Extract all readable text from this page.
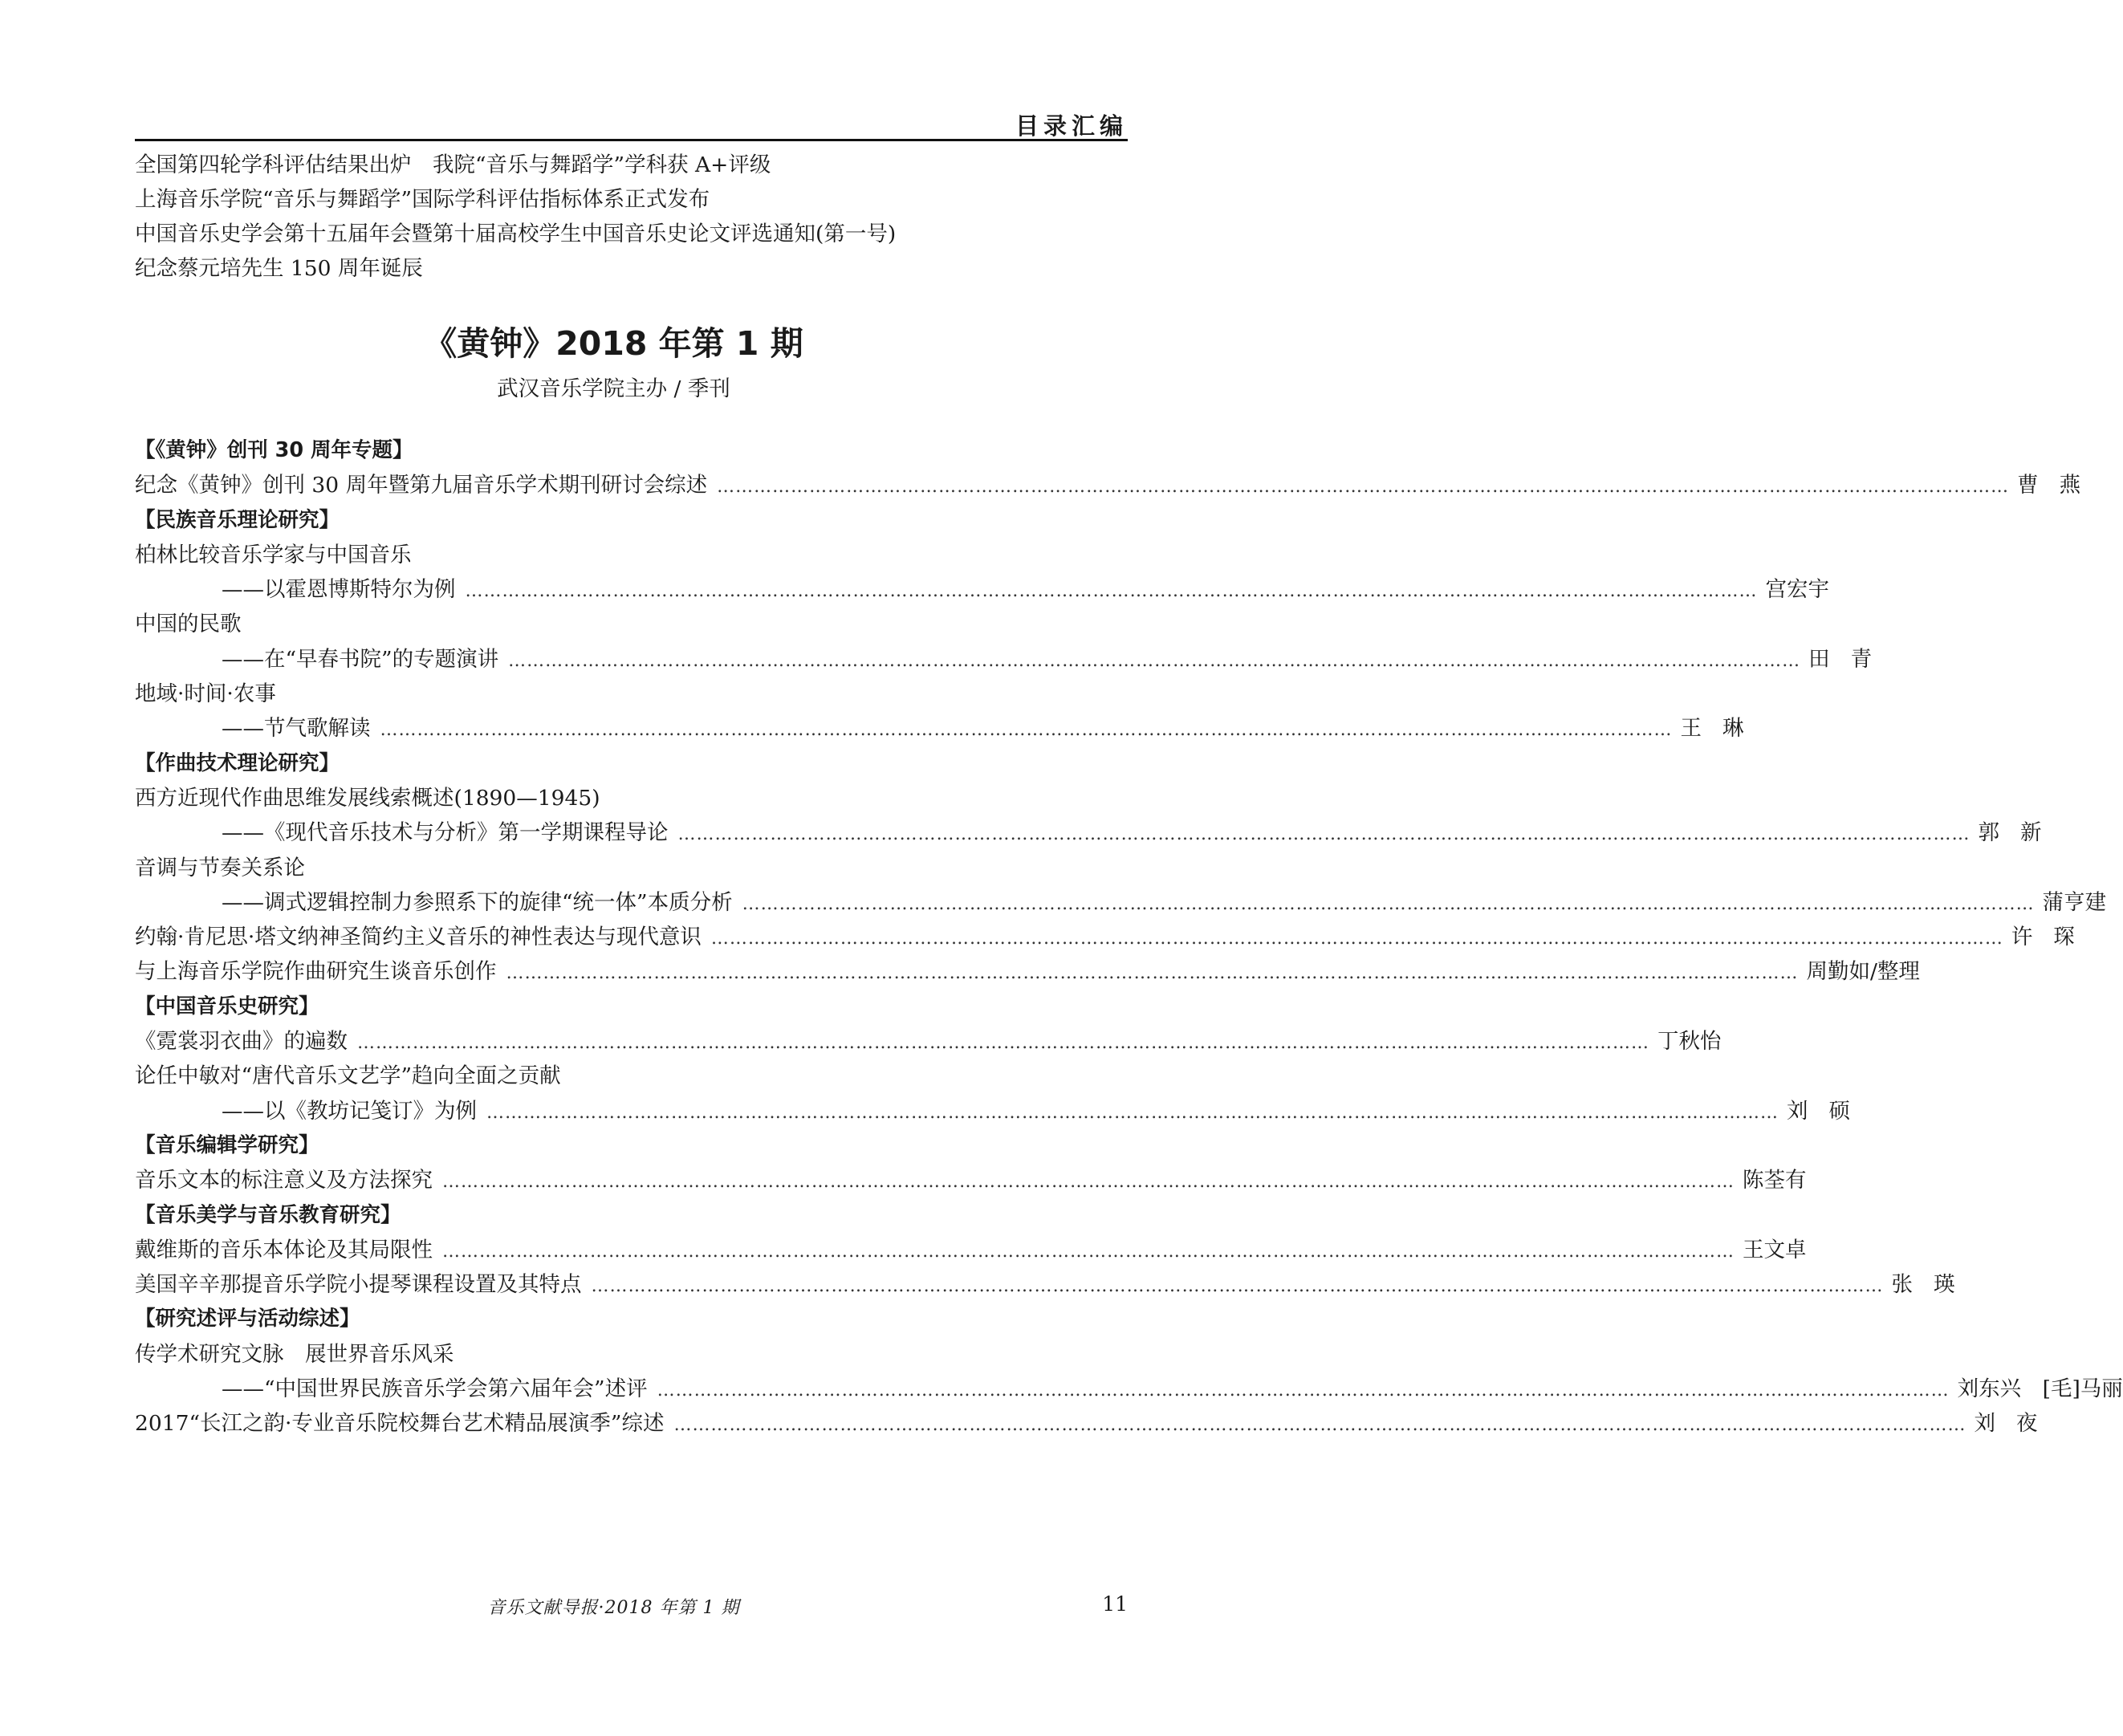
目录汇编
全国第四轮学科评估结果出炉　我院“音乐与舞蹈学”学科获 A+评级
上海音乐学院“音乐与舞蹈学”国际学科评估指标体系正式发布
中国音乐史学会第十五届年会暨第十届高校学生中国音乐史论文评选通知(第一号)
纪念蔡元培先生 150 周年诞辰
《黄钟》2018 年第 1 期
武汉音乐学院主办 / 季刊
【《黄钟》创刊 30 周年专题】
纪念《黄钟》创刊 30 周年暨第九届音乐学术期刊研讨会综述 …………………………………………………………………………………………………………………………………………………………………………………………	曹燕
【民族音乐理论研究】
柏林比较音乐学家与中国音乐
——以霍恩博斯特尔为例 …………………………………………………………………………………………………………………………………………………………………………………………	宫宏宇
中国的民歌
——在“早春书院”的专题演讲 …………………………………………………………………………………………………………………………………………………………………………………………	田青
地域·时间·农事
——节气歌解读 …………………………………………………………………………………………………………………………………………………………………………………………	王琳
【作曲技术理论研究】
西方近现代作曲思维发展线索概述(1890—1945)
——《现代音乐技术与分析》第一学期课程导论 …………………………………………………………………………………………………………………………………………………………………………………………	郭新
音调与节奏关系论
——调式逻辑控制力参照系下的旋律“统一体”本质分析 …………………………………………………………………………………………………………………………………………………………………………………………	蒲亨建
约翰·肯尼思·塔文纳神圣简约主义音乐的神性表达与现代意识 …………………………………………………………………………………………………………………………………………………………………………………………	许琛
与上海音乐学院作曲研究生谈音乐创作 …………………………………………………………………………………………………………………………………………………………………………………………	周勤如/整理
【中国音乐史研究】
《霓裳羽衣曲》的遍数 …………………………………………………………………………………………………………………………………………………………………………………………	丁秋怡
论任中敏对“唐代音乐文艺学”趋向全面之贡献
——以《教坊记笺订》为例 …………………………………………………………………………………………………………………………………………………………………………………………	刘硕
【音乐编辑学研究】
音乐文本的标注意义及方法探究 …………………………………………………………………………………………………………………………………………………………………………………………	陈荃有
【音乐美学与音乐教育研究】
戴维斯的音乐本体论及其局限性 …………………………………………………………………………………………………………………………………………………………………………………………	王文卓
美国辛辛那提音乐学院小提琴课程设置及其特点 …………………………………………………………………………………………………………………………………………………………………………………………	张瑛
【研究述评与活动综述】
传学术研究文脉　展世界音乐风采
——“中国世界民族音乐学会第六届年会”述评 …………………………………………………………………………………………………………………………………………………………………………………………	刘东兴　[毛]马丽
2017“长江之韵·专业音乐院校舞台艺术精品展演季”综述 …………………………………………………………………………………………………………………………………………………………………………………………	刘夜
音乐文献导报·2018 年第 1 期	11
